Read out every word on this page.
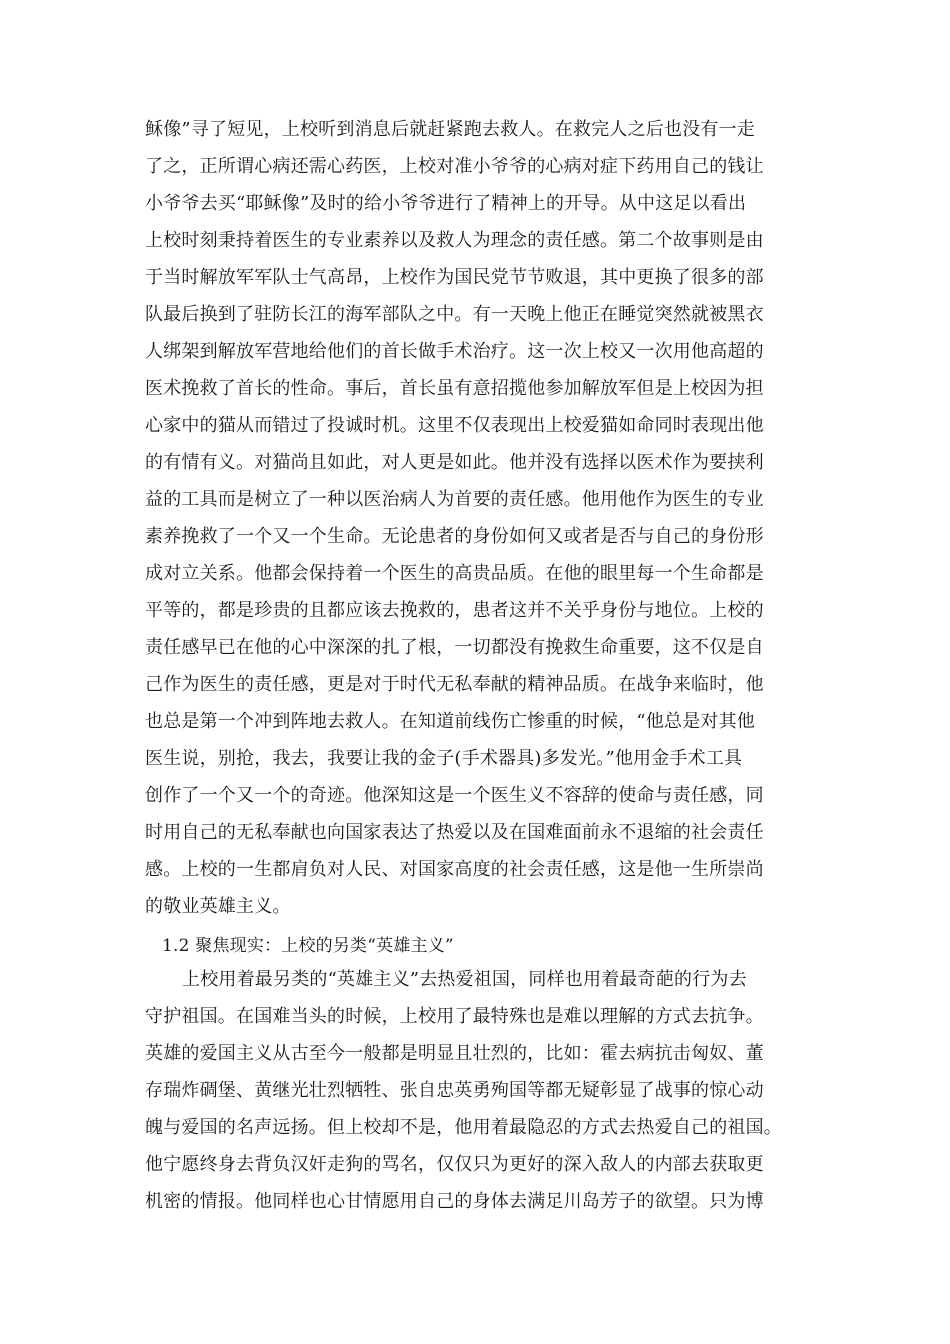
稣像”寻了短见，上校听到消息后就赶紧跑去救人。在救完人之后也没有一走
了之，正所谓心病还需心药医，上校对准小爷爷的心病对症下药用自己的钱让
小爷爷去买“耶稣像”及时的给小爷爷进行了精神上的开导。从中这足以看出
上校时刻秉持着医生的专业素养以及救人为理念的责任感。第二个故事则是由
于当时解放军军队士气高昂，上校作为国民党节节败退，其中更换了很多的部
队最后换到了驻防长江的海军部队之中。有一天晚上他正在睡觉突然就被黑衣
人绑架到解放军营地给他们的首长做手术治疗。这一次上校又一次用他高超的
医术挽救了首长的性命。事后，首长虽有意招揽他参加解放军但是上校因为担
心家中的猫从而错过了投诚时机。这里不仅表现出上校爱猫如命同时表现出他
的有情有义。对猫尚且如此，对人更是如此。他并没有选择以医术作为要挟利
益的工具而是树立了一种以医治病人为首要的责任感。他用他作为医生的专业
素养挽救了一个又一个生命。无论患者的身份如何又或者是否与自己的身份形
成对立关系。他都会保持着一个医生的高贵品质。在他的眼里每一个生命都是
平等的，都是珍贵的且都应该去挽救的，患者这并不关乎身份与地位。上校的
责任感早已在他的心中深深的扎了根，一切都没有挽救生命重要，这不仅是自
己作为医生的责任感，更是对于时代无私奉献的精神品质。在战争来临时，他
也总是第一个冲到阵地去救人。在知道前线伤亡惨重的时候，“他总是对其他
医生说，别抢，我去，我要让我的金子(手术器具)多发光。”他用金手术工具
创作了一个又一个的奇迹。他深知这是一个医生义不容辞的使命与责任感，同
时用自己的无私奉献也向国家表达了热爱以及在国难面前永不退缩的社会责任
感。上校的一生都肩负对人民、对国家高度的社会责任感，这是他一生所崇尚
的敬业英雄主义。
1.2 聚焦现实：上校的另类“英雄主义”
上校用着最另类的“英雄主义”去热爱祖国，同样也用着最奇葩的行为去
守护祖国。在国难当头的时候，上校用了最特殊也是难以理解的方式去抗争。
英雄的爱国主义从古至今一般都是明显且壮烈的，比如：霍去病抗击匈奴、董
存瑞炸碉堡、黄继光壮烈牺牲、张自忠英勇殉国等都无疑彰显了战事的惊心动
魄与爱国的名声远扬。但上校却不是，他用着最隐忍的方式去热爱自己的祖国。
他宁愿终身去背负汉奸走狗的骂名，仅仅只为更好的深入敌人的内部去获取更
机密的情报。他同样也心甘情愿用自己的身体去满足川岛芳子的欲望。只为博
